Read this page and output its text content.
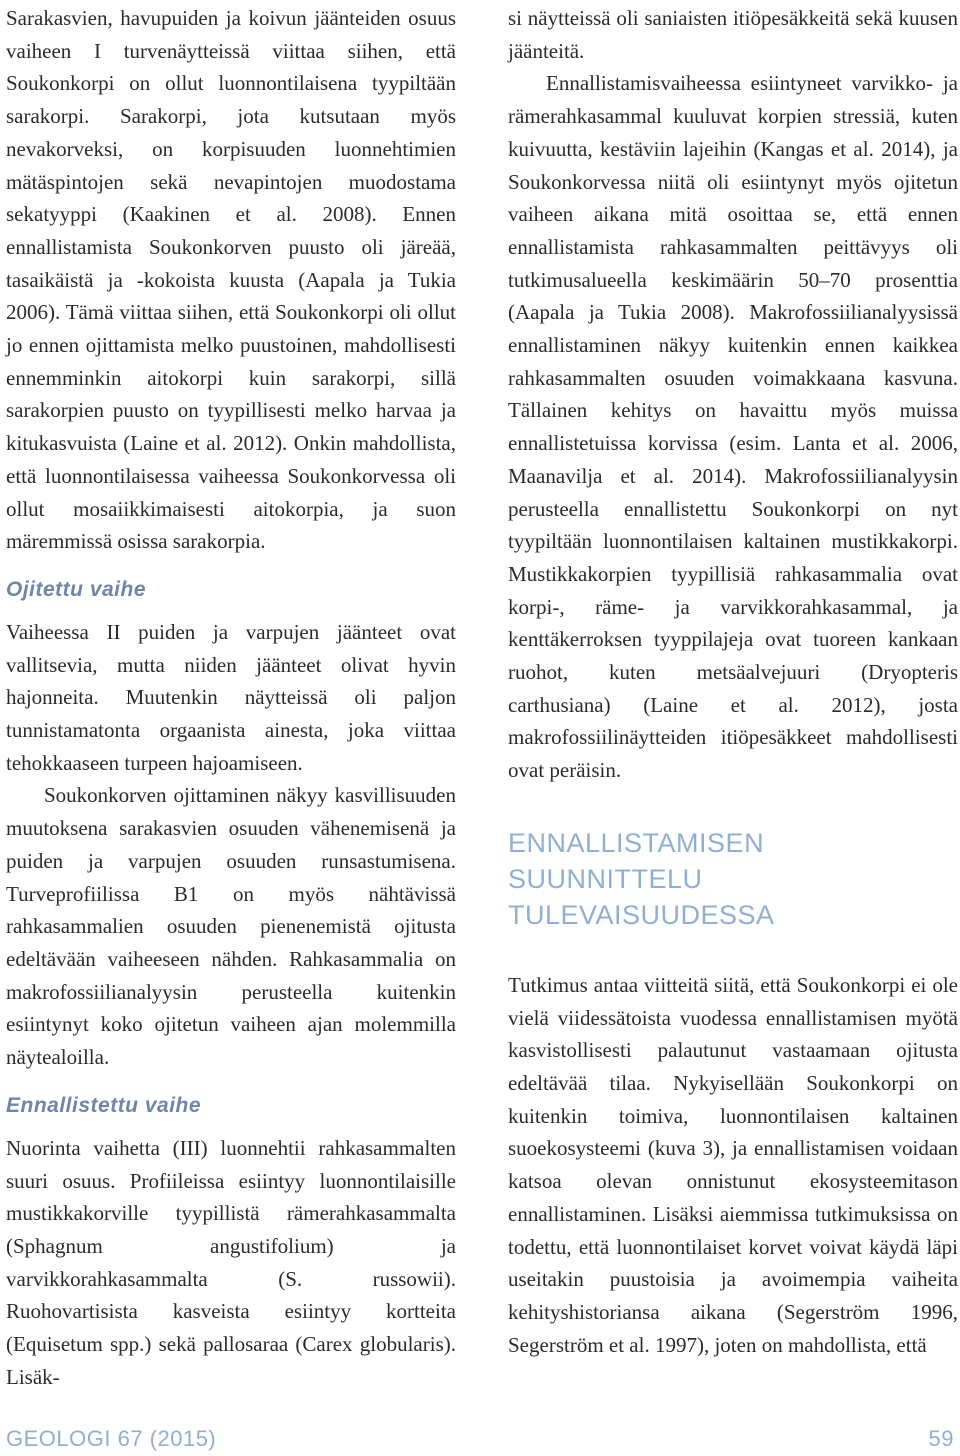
Sarakasvien, havupuiden ja koivun jäänteiden osuus vaiheen I turvenäytteissä viittaa siihen, että Soukonkorpi on ollut luonnontilaisena tyypiltään sarakorpi. Sarakorpi, jota kutsutaan myös nevakorveksi, on korpisuuden luonnehtimien mätäspintojen sekä nevapintojen muodostama sekatyyppi (Kaakinen et al. 2008). Ennen ennallistamista Soukonkorven puusto oli järeää, tasaikäistä ja -kokoista kuusta (Aapala ja Tukia 2006). Tämä viittaa siihen, että Soukonkorpi oli ollut jo ennen ojittamista melko puustoinen, mahdollisesti ennemminkin aitokorpi kuin sarakorpi, sillä sarakorpien puusto on tyypillisesti melko harvaa ja kitukasvuista (Laine et al. 2012). Onkin mahdollista, että luonnontilaisessa vaiheessa Soukonkorvessa oli ollut mosaiikkimaisesti aitokorpia, ja suon märemmissä osissa sarakorpia.

Ojitettu vaihe

Vaiheessa II puiden ja varpujen jäänteet ovat vallitsevia, mutta niiden jäänteet olivat hyvin hajonneita. Muutenkin näytteissä oli paljon tunnistamatonta orgaanista ainesta, joka viittaa tehokkaaseen turpeen hajoamiseen.

Soukonkorven ojittaminen näkyy kasvillisuuden muutoksena sarakasvien osuuden vähenemisenä ja puiden ja varpujen osuuden runsastumisena. Turveprofiilissa B1 on myös nähtävissä rahkasammalien osuuden pienenemistä ojitusta edeltävään vaiheeseen nähden. Rahkasammalia on makrofossiilianalyysin perusteella kuitenkin esiintynyt koko ojitetun vaiheen ajan molemmilla näytealoilla.

Ennallistettu vaihe

Nuorinta vaihetta (III) luonnehtii rahkasammalten suuri osuus. Profiileissa esiintyy luonnontilaisille mustikkakorville tyypillistä rämerahkasammalta (Sphagnum angustifolium) ja varvikkorahkasammalta (S. russowii). Ruohovartisista kasveista esiintyy kortteita (Equisetum spp.) sekä pallosaraa (Carex globularis). Lisäk-

si näytteissä oli saniaisten itiöpesäkkeitä sekä kuusen jäänteitä.

Ennallistamisvaiheessa esiintyneet varvikko- ja rämerahkasammal kuuluvat korpien stressiä, kuten kuivuutta, kestäviin lajeihin (Kangas et al. 2014), ja Soukonkorvessa niitä oli esiintynyt myös ojitetun vaiheen aikana mitä osoittaa se, että ennen ennallistamista rahkasammalten peittävyys oli tutkimusalueella keskimäärin 50–70 prosenttia (Aapala ja Tukia 2008). Makrofossiilianalyysissä ennallistaminen näkyy kuitenkin ennen kaikkea rahkasammalten osuuden voimakkaana kasvuna. Tällainen kehitys on havaittu myös muissa ennallistetuissa korvissa (esim. Lanta et al. 2006, Maanavilja et al. 2014). Makrofossiilianalyysin perusteella ennallistettu Soukonkorpi on nyt tyypiltään luonnontilaisen kaltainen mustikkakorpi. Mustikkakorpien tyypillisiä rahkasammalia ovat korpi-, räme- ja varvikkorahkasammal, ja kenttäkerroksen tyyppilajeja ovat tuoreen kankaan ruohot, kuten metsäalvejuuri (Dryopteris carthusiana) (Laine et al. 2012), josta makrofossiilinäytteiden itiöpesäkkeet mahdollisesti ovat peräisin.

ENNALLISTAMISEN SUUNNITTELU TULEVAISUUDESSA

Tutkimus antaa viitteitä siitä, että Soukonkorpi ei ole vielä viidessätoista vuodessa ennallistamisen myötä kasvistollisesti palautunut vastaamaan ojitusta edeltävää tilaa. Nykyisellään Soukonkorpi on kuitenkin toimiva, luonnontilaisen kaltainen suoekosysteemi (kuva 3), ja ennallistamisen voidaan katsoa olevan onnistunut ekosysteemitason ennallistaminen. Lisäksi aiemmissa tutkimuksissa on todettu, että luonnontilaiset korvet voivat käydä läpi useitakin puustoisia ja avoimempia vaiheita kehityshistoriansa aikana (Segerström 1996, Segerström et al. 1997), joten on mahdollista, että

GEOLOGI 67 (2015)	59
